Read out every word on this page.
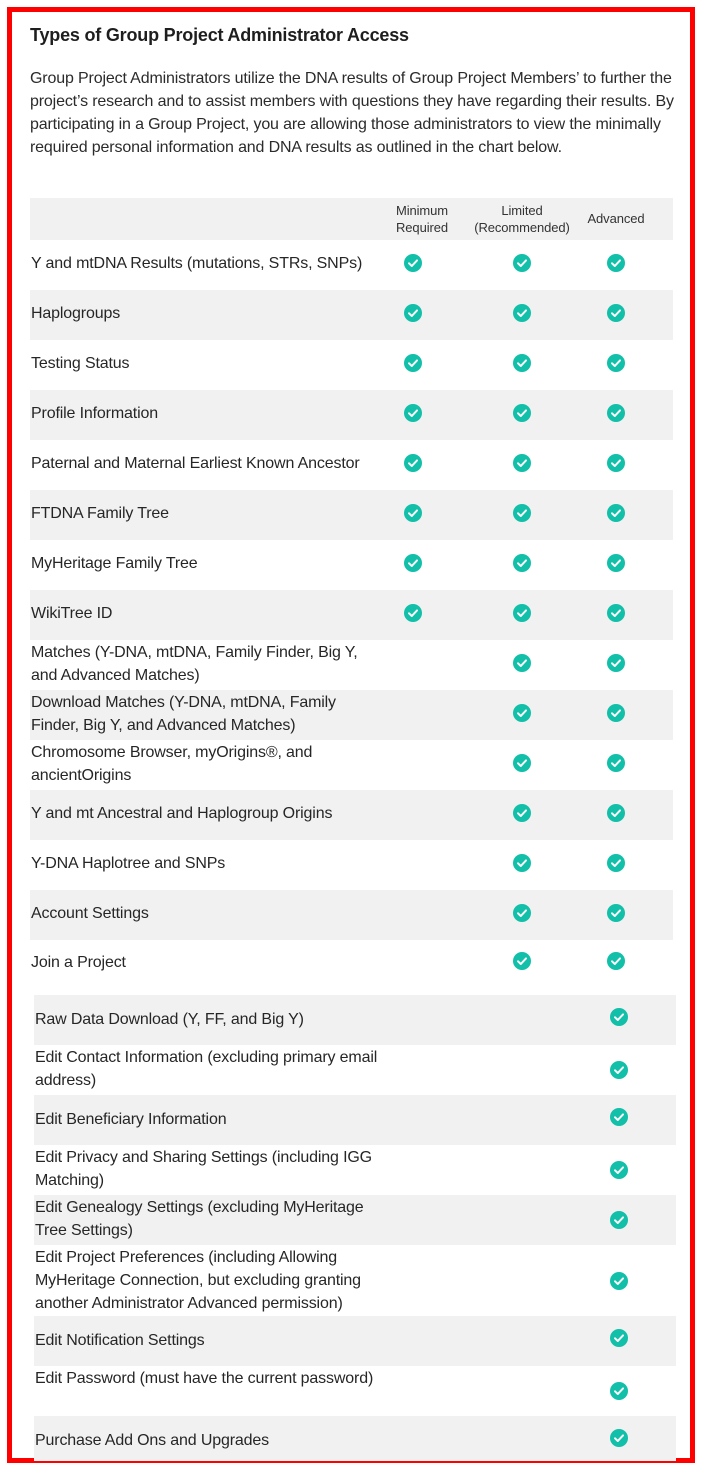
Types of Group Project Administrator Access
Group Project Administrators utilize the DNA results of Group Project Members’ to further the project’s research and to assist members with questions they have regarding their results. By participating in a Group Project, you are allowing those administrators to view the minimally required personal information and DNA results as outlined in the chart below.
Minimum
Required
Limited
(Recommended)
Advanced
Y and mtDNA Results (mutations, STRs, SNPs)
Haplogroups
Testing Status
Profile Information
Paternal and Maternal Earliest Known Ancestor
FTDNA Family Tree
MyHeritage Family Tree
WikiTree ID
Matches (Y-DNA, mtDNA, Family Finder, Big Y, and Advanced Matches)
Download Matches (Y-DNA, mtDNA, Family Finder, Big Y, and Advanced Matches)
Chromosome Browser, myOrigins®, and ancientOrigins
Y and mt Ancestral and Haplogroup Origins
Y-DNA Haplotree and SNPs
Account Settings
Join a Project
Raw Data Download (Y, FF, and Big Y)
Edit Contact Information (excluding primary email address)
Edit Beneficiary Information
Edit Privacy and Sharing Settings (including IGG Matching)
Edit Genealogy Settings (excluding MyHeritage Tree Settings)
Edit Project Preferences (including Allowing MyHeritage Connection, but excluding granting another Administrator Advanced permission)
Edit Notification Settings
Edit Password (must have the current password)
Purchase Add Ons and Upgrades
